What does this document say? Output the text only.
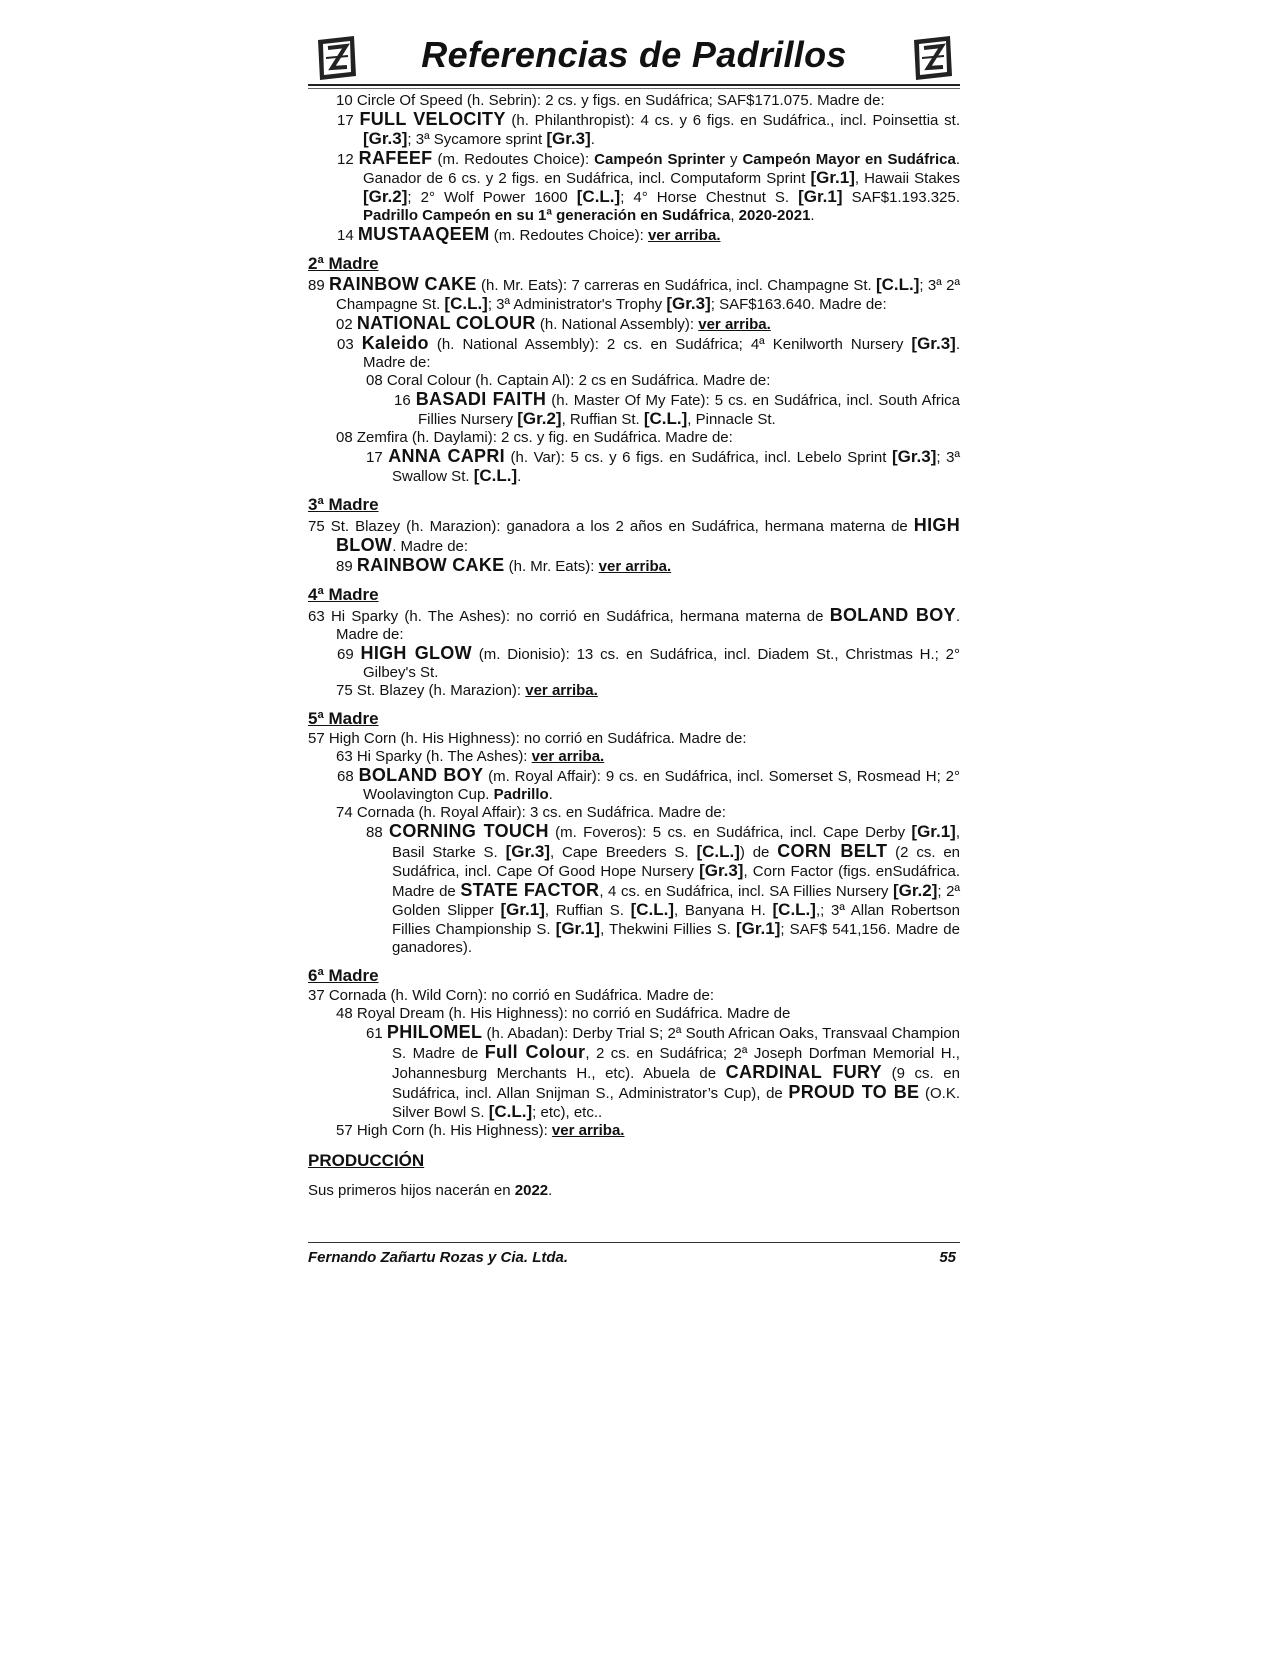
Referencias de Padrillos

10 Circle Of Speed (h. Sebrin): 2 cs. y figs. en Sudáfrica; SAF$171.075. Madre de:

17 FULL VELOCITY (h. Philanthropist): 4 cs. y 6 figs. en Sudáfrica., incl. Poinsettia st. [Gr.3]; 3ª Sycamore sprint [Gr.3].

12 RAFEEF (m. Redoutes Choice): Campeón Sprinter y Campeón Mayor en Sudáfrica. Ganador de 6 cs. y 2 figs. en Sudáfrica, incl. Computaform Sprint [Gr.1], Hawaii Stakes [Gr.2]; 2° Wolf Power 1600 [C.L.]; 4° Horse Chestnut S. [Gr.1] SAF$1.193.325. Padrillo Campeón en su 1ª generación en Sudáfrica, 2020-2021.

14 MUSTAAQEEM (m. Redoutes Choice): ver arriba.

2ª Madre

89 RAINBOW CAKE (h. Mr. Eats): 7 carreras en Sudáfrica, incl. Champagne St. [C.L.]; 3ª 2ª Champagne St. [C.L.]; 3ª Administrator's Trophy [Gr.3]; SAF$163.640. Madre de:

02 NATIONAL COLOUR (h. National Assembly): ver arriba.

03 Kaleido (h. National Assembly): 2 cs. en Sudáfrica; 4ª Kenilworth Nursery [Gr.3]. Madre de:

08 Coral Colour (h. Captain Al): 2 cs en Sudáfrica. Madre de:

16 BASADI FAITH (h. Master Of My Fate): 5 cs. en Sudáfrica, incl. South Africa Fillies Nursery [Gr.2], Ruffian St. [C.L.], Pinnacle St.

08 Zemfira (h. Daylami): 2 cs. y fig. en Sudáfrica. Madre de:

17 ANNA CAPRI (h. Var): 5 cs. y 6 figs. en Sudáfrica, incl. Lebelo Sprint [Gr.3]; 3ª Swallow St. [C.L.].

3ª Madre

75 St. Blazey (h. Marazion): ganadora a los 2 años en Sudáfrica, hermana materna de HIGH BLOW. Madre de:

89 RAINBOW CAKE (h. Mr. Eats): ver arriba.

4ª Madre

63 Hi Sparky (h. The Ashes): no corrió en Sudáfrica, hermana materna de BOLAND BOY. Madre de:

69 HIGH GLOW (m. Dionisio): 13 cs. en Sudáfrica, incl. Diadem St., Christmas H.; 2° Gilbey's St.

75 St. Blazey (h. Marazion): ver arriba.

5ª Madre

57 High Corn (h. His Highness): no corrió en Sudáfrica. Madre de:

63 Hi Sparky (h. The Ashes): ver arriba.

68 BOLAND BOY (m. Royal Affair): 9 cs. en Sudáfrica, incl. Somerset S, Rosmead H; 2° Woolavington Cup. Padrillo.

74 Cornada (h. Royal Affair): 3 cs. en Sudáfrica. Madre de:

88 CORNING TOUCH (m. Foveros): 5 cs. en Sudáfrica, incl. Cape Derby [Gr.1], Basil Starke S. [Gr.3], Cape Breeders S. [C.L.]) de CORN BELT (2 cs. en Sudáfrica, incl. Cape Of Good Hope Nursery [Gr.3], Corn Factor (figs. enSudáfrica. Madre de STATE FACTOR, 4 cs. en Sudáfrica, incl. SA Fillies Nursery [Gr.2]; 2ª Golden Slipper [Gr.1], Ruffian S. [C.L.], Banyana H. [C.L.],; 3ª Allan Robertson Fillies Championship S. [Gr.1], Thekwini Fillies S. [Gr.1]; SAF$ 541,156. Madre de ganadores).

6ª Madre

37 Cornada (h. Wild Corn): no corrió en Sudáfrica. Madre de:

48 Royal Dream (h. His Highness): no corrió en Sudáfrica. Madre de

61 PHILOMEL (h. Abadan): Derby Trial S; 2ª South African Oaks, Transvaal Champion S. Madre de Full Colour, 2 cs. en Sudáfrica; 2ª Joseph Dorfman Memorial H., Johannesburg Merchants H., etc). Abuela de CARDINAL FURY (9 cs. en Sudáfrica, incl. Allan Snijman S., Administrator’s Cup), de PROUD TO BE (O.K. Silver Bowl S. [C.L.]; etc), etc..

57 High Corn (h. His Highness): ver arriba.

PRODUCCIÓN
Sus primeros hijos nacerán en 2022.
Fernando Zañartu Rozas y Cia. Ltda.	55
